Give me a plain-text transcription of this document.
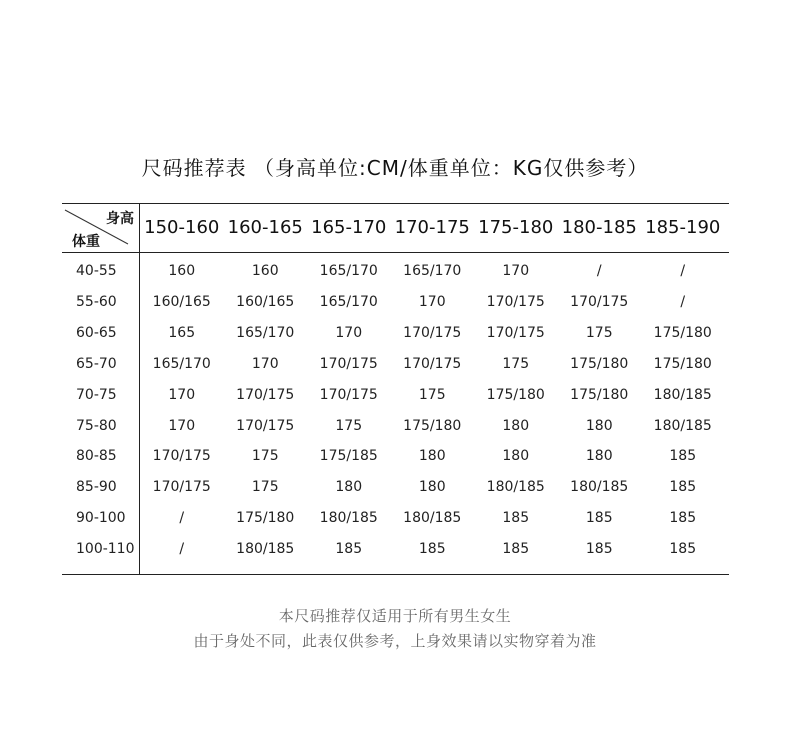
尺码推荐表 （身高单位:CM/体重单位：KG仅供参考）
身高
体重
150-160 160-165 165-170 170-175 175-180 180-185 185-190
40-55	160	160	165/170	165/170	170	/	/
55-60	160/165	160/165	165/170	170	170/175	170/175	/
60-65	165	165/170	170	170/175	170/175	175	175/180
65-70	165/170	170	170/175	170/175	175	175/180	175/180
70-75	170	170/175	170/175	175	175/180	175/180	180/185
75-80	170	170/175	175	175/180	180	180	180/185
80-85	170/175	175	175/185	180	180	180	185
85-90	170/175	175	180	180	180/185	180/185	185
90-100	/	175/180	180/185	180/185	185	185	185
100-110	/	180/185	185	185	185	185	185
本尺码推荐仅适用于所有男生女生
由于身处不同，此表仅供参考，上身效果请以实物穿着为准
